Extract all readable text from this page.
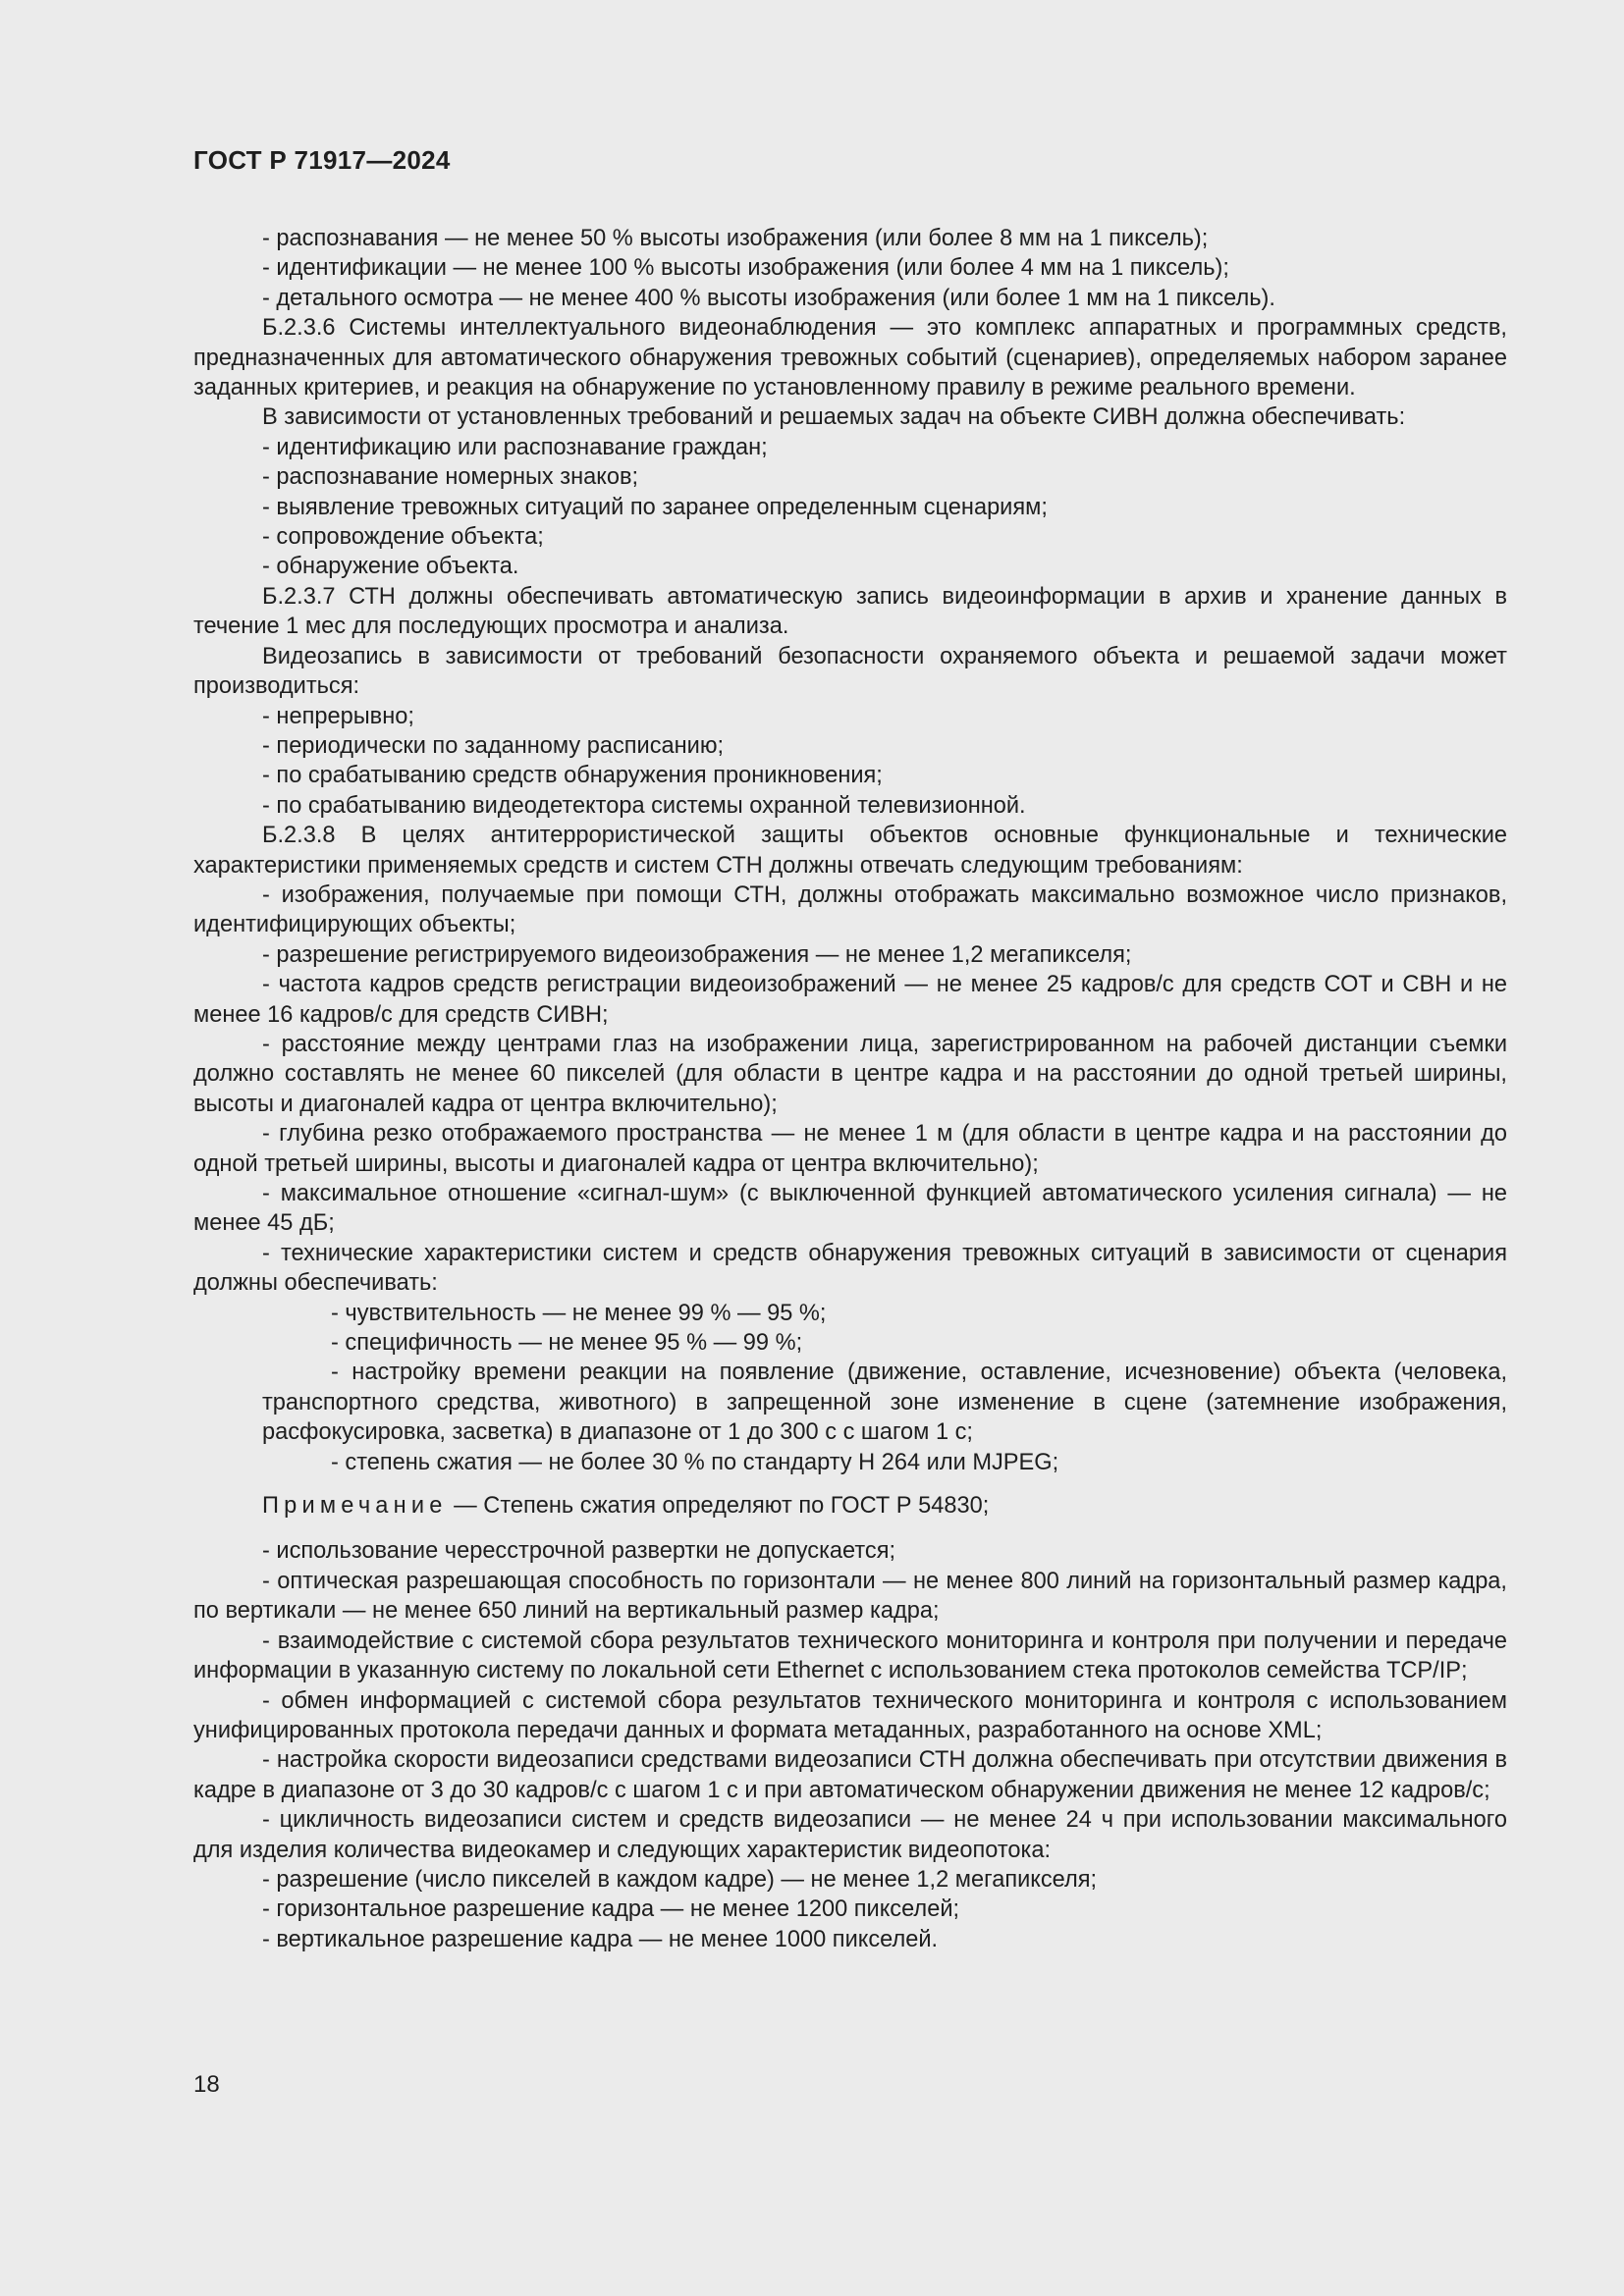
ГОСТ Р 71917—2024

- распознавания — не менее 50 % высоты изображения (или более 8 мм на 1 пиксель);

- идентификации — не менее 100 % высоты изображения (или более 4 мм на 1 пиксель);

- детального осмотра — не менее 400 % высоты изображения (или более 1 мм на 1 пиксель).

Б.2.3.6 Системы интеллектуального видеонаблюдения — это комплекс аппаратных и программных средств, предназначенных для автоматического обнаружения тревожных событий (сценариев), определяемых набором заранее заданных критериев, и реакция на обнаружение по установленному правилу в режиме реального времени.

В зависимости от установленных требований и решаемых задач на объекте СИВН должна обеспечивать:

- идентификацию или распознавание граждан;

- распознавание номерных знаков;

- выявление тревожных ситуаций по заранее определенным сценариям;

- сопровождение объекта;

- обнаружение объекта.

Б.2.3.7 СТН должны обеспечивать автоматическую запись видеоинформации в архив и хранение данных в течение 1 мес для последующих просмотра и анализа.

Видеозапись в зависимости от требований безопасности охраняемого объекта и решаемой задачи может производиться:

- непрерывно;

- периодически по заданному расписанию;

- по срабатыванию средств обнаружения проникновения;

- по срабатыванию видеодетектора системы охранной телевизионной.

Б.2.3.8 В целях антитеррористической защиты объектов основные функциональные и технические характеристики применяемых средств и систем СТН должны отвечать следующим требованиям:

- изображения, получаемые при помощи СТН, должны отображать максимально возможное число признаков, идентифицирующих объекты;

- разрешение регистрируемого видеоизображения — не менее 1,2 мегапикселя;

- частота кадров средств регистрации видеоизображений — не менее 25 кадров/с для средств СОТ и СВН и не менее 16 кадров/с для средств СИВН;

- расстояние между центрами глаз на изображении лица, зарегистрированном на рабочей дистанции съемки должно составлять не менее 60 пикселей (для области в центре кадра и на расстоянии до одной третьей ширины, высоты и диагоналей кадра от центра включительно);

- глубина резко отображаемого пространства — не менее 1 м (для области в центре кадра и на расстоянии до одной третьей ширины, высоты и диагоналей кадра от центра включительно);

- максимальное отношение «сигнал-шум» (с выключенной функцией автоматического усиления сигнала) — не менее 45 дБ;

- технические характеристики систем и средств обнаружения тревожных ситуаций в зависимости от сценария должны обеспечивать:

- чувствительность — не менее 99 % — 95 %;

- специфичность — не менее 95 % — 99 %;

- настройку времени реакции на появление (движение, оставление, исчезновение) объекта (человека, транспортного средства, животного) в запрещенной зоне изменение в сцене (затемнение изображения, расфокусировка, засветка) в диапазоне от 1 до 300 с с шагом 1 с;

- степень сжатия — не более 30 % по стандарту H 264 или MJPEG;

Примечание — Степень сжатия определяют по ГОСТ Р 54830;

- использование чересстрочной развертки не допускается;

- оптическая разрешающая способность по горизонтали — не менее 800 линий на горизонтальный размер кадра, по вертикали — не менее 650 линий на вертикальный размер кадра;

- взаимодействие с системой сбора результатов технического мониторинга и контроля при получении и передаче информации в указанную систему по локальной сети Ethernet с использованием стека протоколов семейства TCP/IP;

- обмен информацией с системой сбора результатов технического мониторинга и контроля с использованием унифицированных протокола передачи данных и формата метаданных, разработанного на основе XML;

- настройка скорости видеозаписи средствами видеозаписи СТН должна обеспечивать при отсутствии движения в кадре в диапазоне от 3 до 30 кадров/с с шагом 1 с и при автоматическом обнаружении движения не менее 12 кадров/с;

- цикличность видеозаписи систем и средств видеозаписи — не менее 24 ч при использовании максимального для изделия количества видеокамер и следующих характеристик видеопотока:

- разрешение (число пикселей в каждом кадре) — не менее 1,2 мегапикселя;

- горизонтальное разрешение кадра — не менее 1200 пикселей;

- вертикальное разрешение кадра — не менее 1000 пикселей.

18
